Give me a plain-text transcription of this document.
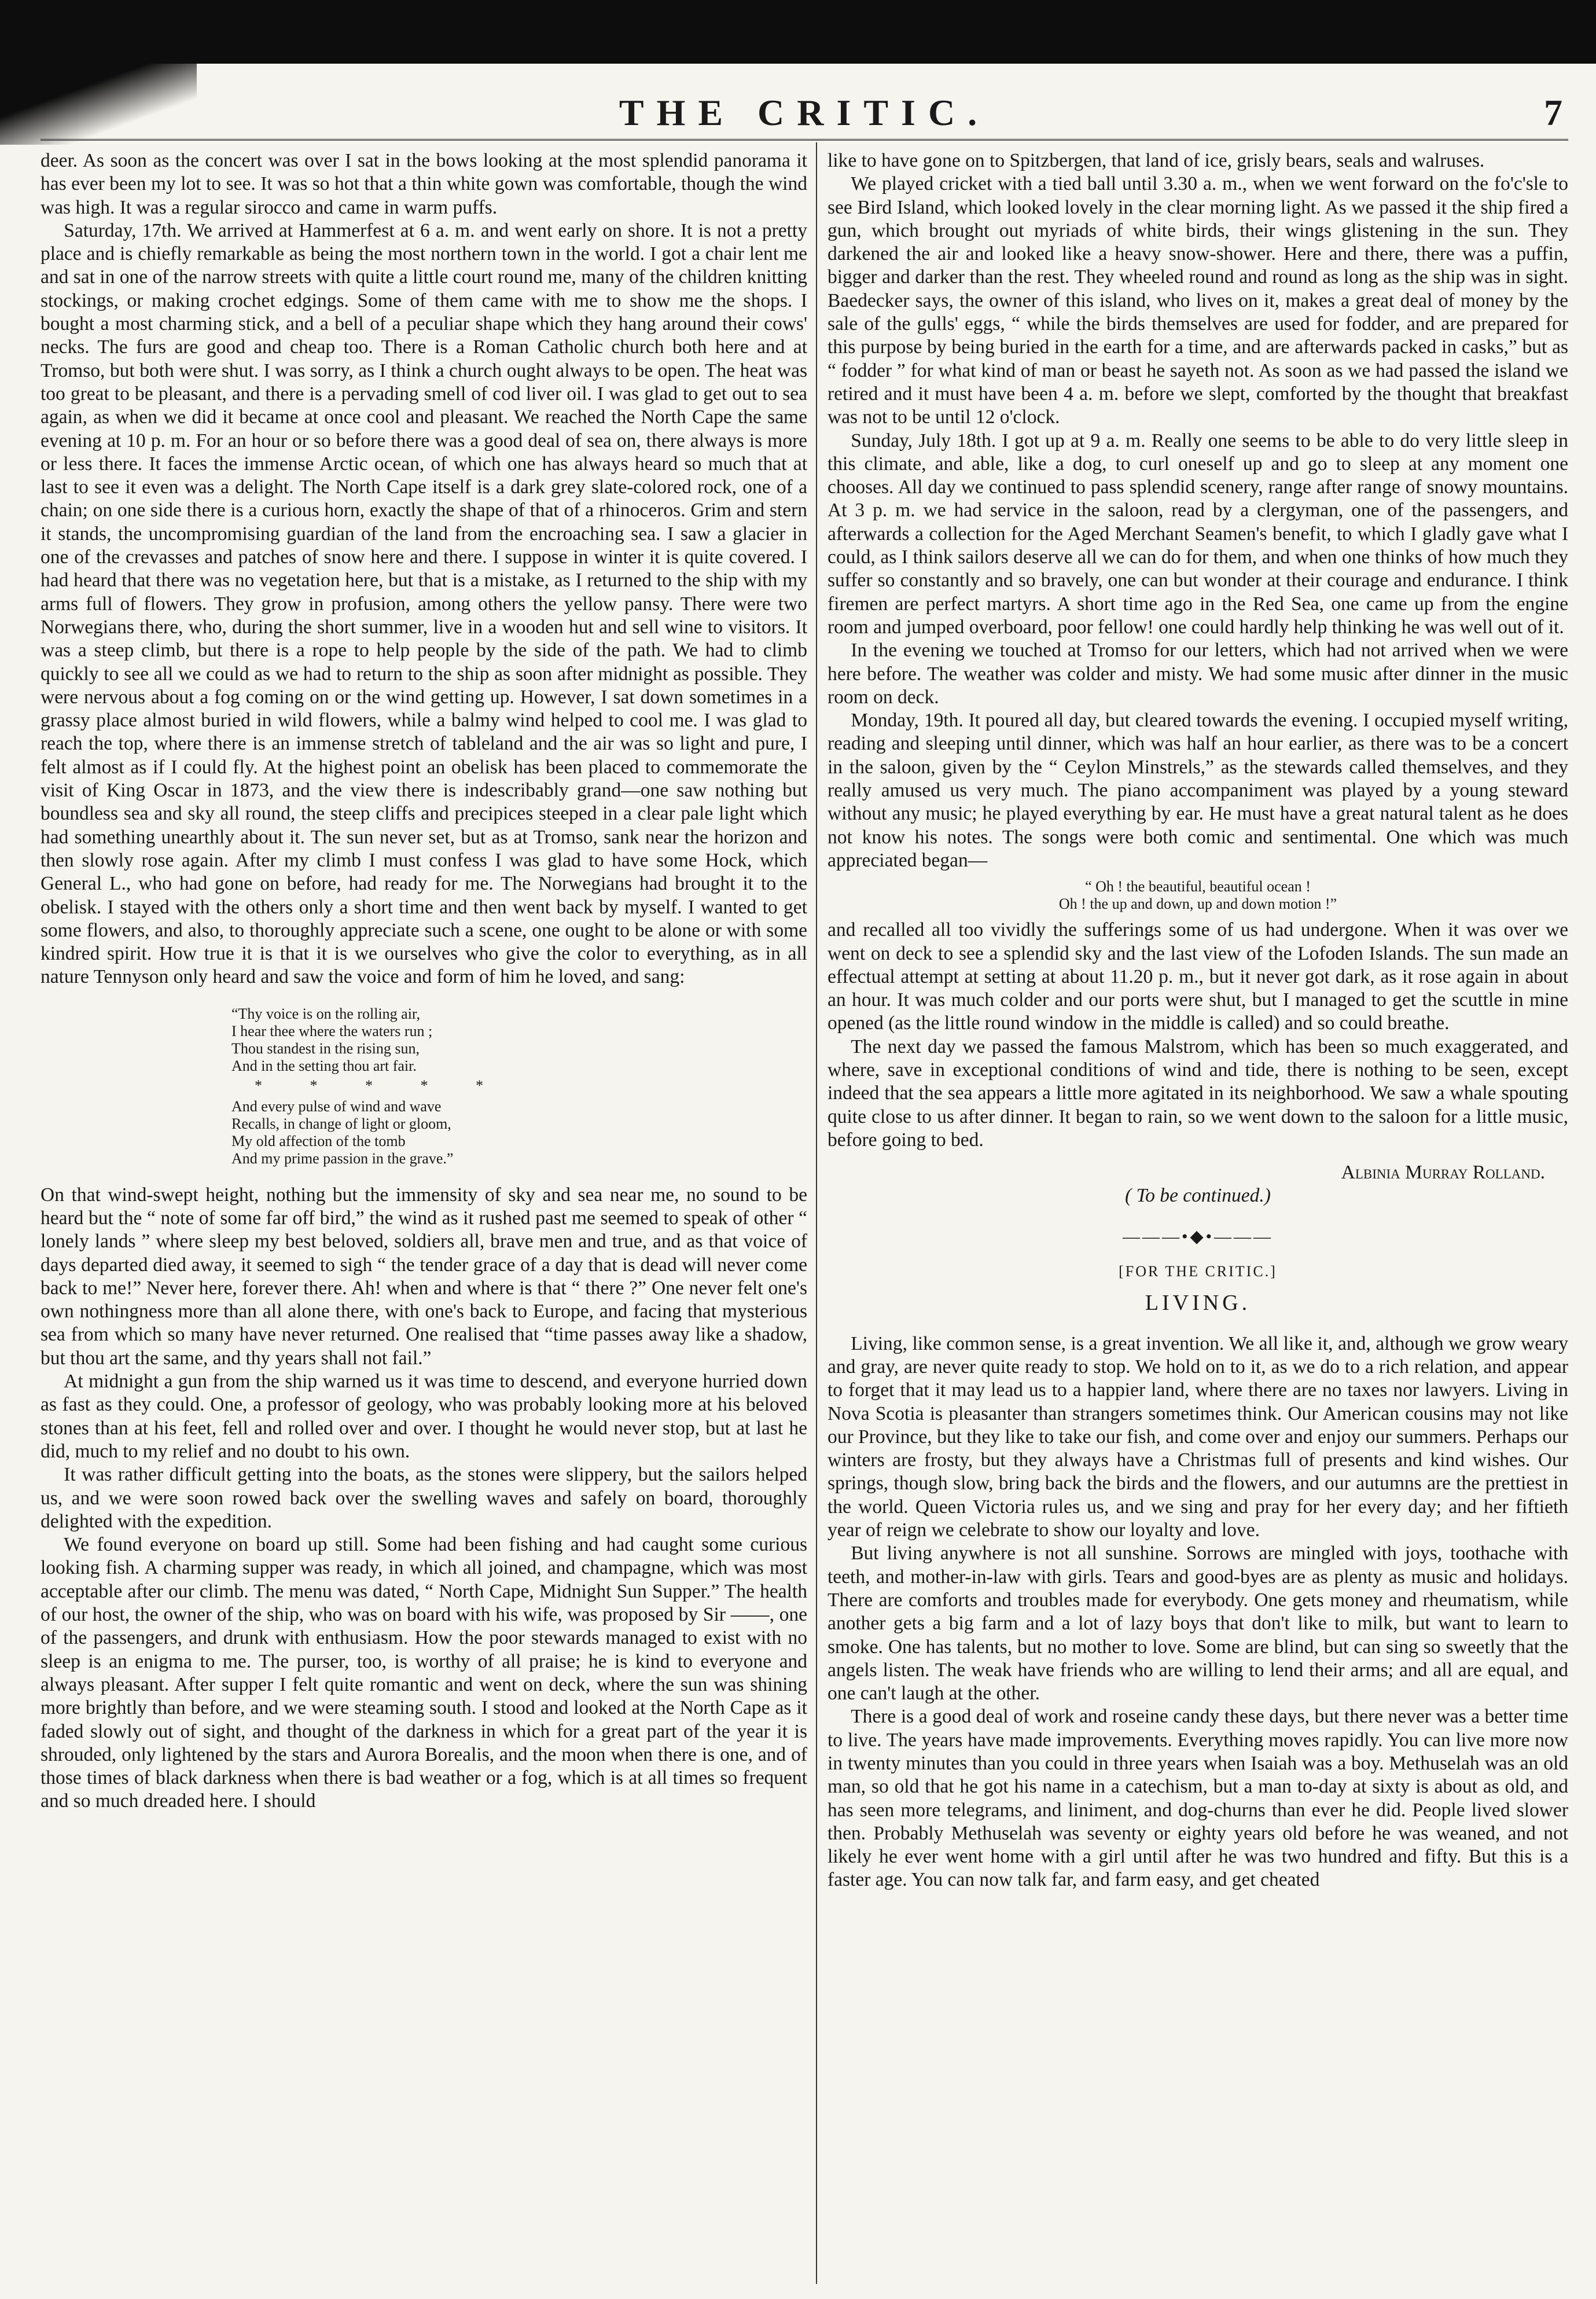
THE CRITIC.	7

deer. As soon as the concert was over I sat in the bows looking at the most splendid panorama it has ever been my lot to see. It was so hot that a thin white gown was comfortable, though the wind was high. It was a regular sirocco and came in warm puffs.

Saturday, 17th. We arrived at Hammerfest at 6 a. m. and went early on shore. It is not a pretty place and is chiefly remarkable as being the most northern town in the world. I got a chair lent me and sat in one of the narrow streets with quite a little court round me, many of the children knitting stockings, or making crochet edgings. Some of them came with me to show me the shops. I bought a most charming stick, and a bell of a peculiar shape which they hang around their cows' necks. The furs are good and cheap too. There is a Roman Catholic church both here and at Tromso, but both were shut. I was sorry, as I think a church ought always to be open. The heat was too great to be pleasant, and there is a pervading smell of cod liver oil. I was glad to get out to sea again, as when we did it became at once cool and pleasant. We reached the North Cape the same evening at 10 p. m. For an hour or so before there was a good deal of sea on, there always is more or less there. It faces the immense Arctic ocean, of which one has always heard so much that at last to see it even was a delight. The North Cape itself is a dark grey slate-colored rock, one of a chain; on one side there is a curious horn, exactly the shape of that of a rhinoceros. Grim and stern it stands, the uncompromising guardian of the land from the encroaching sea. I saw a glacier in one of the crevasses and patches of snow here and there. I suppose in winter it is quite covered. I had heard that there was no vegetation here, but that is a mistake, as I returned to the ship with my arms full of flowers. They grow in profusion, among others the yellow pansy. There were two Norwegians there, who, during the short summer, live in a wooden hut and sell wine to visitors. It was a steep climb, but there is a rope to help people by the side of the path. We had to climb quickly to see all we could as we had to return to the ship as soon after midnight as possible. They were nervous about a fog coming on or the wind getting up. However, I sat down sometimes in a grassy place almost buried in wild flowers, while a balmy wind helped to cool me. I was glad to reach the top, where there is an immense stretch of tableland and the air was so light and pure, I felt almost as if I could fly. At the highest point an obelisk has been placed to commemorate the visit of King Oscar in 1873, and the view there is indescribably grand—one saw nothing but boundless sea and sky all round, the steep cliffs and precipices steeped in a clear pale light which had something unearthly about it. The sun never set, but as at Tromso, sank near the horizon and then slowly rose again. After my climb I must confess I was glad to have some Hock, which General L., who had gone on before, had ready for me. The Norwegians had brought it to the obelisk. I stayed with the others only a short time and then went back by myself. I wanted to get some flowers, and also, to thoroughly appreciate such a scene, one ought to be alone or with some kindred spirit. How true it is that it is we ourselves who give the color to everything, as in all nature Tennyson only heard and saw the voice and form of him he loved, and sang:

“Thy voice is on the rolling air,
I hear thee where the waters run ;
Thou standest in the rising sun,
And in the setting thou art fair.
* * * * *
And every pulse of wind and wave
Recalls, in change of light or gloom,
My old affection of the tomb
And my prime passion in the grave.”

On that wind-swept height, nothing but the immensity of sky and sea near me, no sound to be heard but the “ note of some far off bird,” the wind as it rushed past me seemed to speak of other “ lonely lands ” where sleep my best beloved, soldiers all, brave men and true, and as that voice of days departed died away, it seemed to sigh “ the tender grace of a day that is dead will never come back to me!” Never here, forever there. Ah! when and where is that “ there ?” One never felt one's own nothingness more than all alone there, with one's back to Europe, and facing that mysterious sea from which so many have never returned. One realised that “time passes away like a shadow, but thou art the same, and thy years shall not fail.”

At midnight a gun from the ship warned us it was time to descend, and everyone hurried down as fast as they could. One, a professor of geology, who was probably looking more at his beloved stones than at his feet, fell and rolled over and over. I thought he would never stop, but at last he did, much to my relief and no doubt to his own.

It was rather difficult getting into the boats, as the stones were slippery, but the sailors helped us, and we were soon rowed back over the swelling waves and safely on board, thoroughly delighted with the expedition.

We found everyone on board up still. Some had been fishing and had caught some curious looking fish. A charming supper was ready, in which all joined, and champagne, which was most acceptable after our climb. The menu was dated, “ North Cape, Midnight Sun Supper.” The health of our host, the owner of the ship, who was on board with his wife, was proposed by Sir ——, one of the passengers, and drunk with enthusiasm. How the poor stewards managed to exist with no sleep is an enigma to me. The purser, too, is worthy of all praise; he is kind to everyone and always pleasant. After supper I felt quite romantic and went on deck, where the sun was shining more brightly than before, and we were steaming south. I stood and looked at the North Cape as it faded slowly out of sight, and thought of the darkness in which for a great part of the year it is shrouded, only lightened by the stars and Aurora Borealis, and the moon when there is one, and of those times of black darkness when there is bad weather or a fog, which is at all times so frequent and so much dreaded here. I should

like to have gone on to Spitzbergen, that land of ice, grisly bears, seals and walruses.

We played cricket with a tied ball until 3.30 a. m., when we went forward on the fo'c'sle to see Bird Island, which looked lovely in the clear morning light. As we passed it the ship fired a gun, which brought out myriads of white birds, their wings glistening in the sun. They darkened the air and looked like a heavy snow-shower. Here and there, there was a puffin, bigger and darker than the rest. They wheeled round and round as long as the ship was in sight. Baedecker says, the owner of this island, who lives on it, makes a great deal of money by the sale of the gulls' eggs, “ while the birds themselves are used for fodder, and are prepared for this purpose by being buried in the earth for a time, and are afterwards packed in casks,” but as “ fodder ” for what kind of man or beast he sayeth not. As soon as we had passed the island we retired and it must have been 4 a. m. before we slept, comforted by the thought that breakfast was not to be until 12 o'clock.

Sunday, July 18th. I got up at 9 a. m. Really one seems to be able to do very little sleep in this climate, and able, like a dog, to curl oneself up and go to sleep at any moment one chooses. All day we continued to pass splendid scenery, range after range of snowy mountains. At 3 p. m. we had service in the saloon, read by a clergyman, one of the passengers, and afterwards a collection for the Aged Merchant Seamen's benefit, to which I gladly gave what I could, as I think sailors deserve all we can do for them, and when one thinks of how much they suffer so constantly and so bravely, one can but wonder at their courage and endurance. I think firemen are perfect martyrs. A short time ago in the Red Sea, one came up from the engine room and jumped overboard, poor fellow! one could hardly help thinking he was well out of it.

In the evening we touched at Tromso for our letters, which had not arrived when we were here before. The weather was colder and misty. We had some music after dinner in the music room on deck.

Monday, 19th. It poured all day, but cleared towards the evening. I occupied myself writing, reading and sleeping until dinner, which was half an hour earlier, as there was to be a concert in the saloon, given by the “ Ceylon Minstrels,” as the stewards called themselves, and they really amused us very much. The piano accompaniment was played by a young steward without any music; he played everything by ear. He must have a great natural talent as he does not know his notes. The songs were both comic and sentimental. One which was much appreciated began—

“ Oh ! the beautiful, beautiful ocean !
Oh ! the up and down, up and down motion !”

and recalled all too vividly the sufferings some of us had undergone. When it was over we went on deck to see a splendid sky and the last view of the Lofoden Islands. The sun made an effectual attempt at setting at about 11.20 p. m., but it never got dark, as it rose again in about an hour. It was much colder and our ports were shut, but I managed to get the scuttle in mine opened (as the little round window in the middle is called) and so could breathe.

The next day we passed the famous Malstrom, which has been so much exaggerated, and where, save in exceptional conditions of wind and tide, there is nothing to be seen, except indeed that the sea appears a little more agitated in its neighborhood. We saw a whale spouting quite close to us after dinner. It began to rain, so we went down to the saloon for a little music, before going to bed.

Albinia Murray Rolland.
( To be continued.)
———•◆•———
[FOR THE CRITIC.]
LIVING.

Living, like common sense, is a great invention. We all like it, and, although we grow weary and gray, are never quite ready to stop. We hold on to it, as we do to a rich relation, and appear to forget that it may lead us to a happier land, where there are no taxes nor lawyers. Living in Nova Scotia is pleasanter than strangers sometimes think. Our American cousins may not like our Province, but they like to take our fish, and come over and enjoy our summers. Perhaps our winters are frosty, but they always have a Christmas full of presents and kind wishes. Our springs, though slow, bring back the birds and the flowers, and our autumns are the prettiest in the world. Queen Victoria rules us, and we sing and pray for her every day; and her fiftieth year of reign we celebrate to show our loyalty and love.

But living anywhere is not all sunshine. Sorrows are mingled with joys, toothache with teeth, and mother-in-law with girls. Tears and good-byes are as plenty as music and holidays. There are comforts and troubles made for everybody. One gets money and rheumatism, while another gets a big farm and a lot of lazy boys that don't like to milk, but want to learn to smoke. One has talents, but no mother to love. Some are blind, but can sing so sweetly that the angels listen. The weak have friends who are willing to lend their arms; and all are equal, and one can't laugh at the other.

There is a good deal of work and roseine candy these days, but there never was a better time to live. The years have made improvements. Everything moves rapidly. You can live more now in twenty minutes than you could in three years when Isaiah was a boy. Methuselah was an old man, so old that he got his name in a catechism, but a man to-day at sixty is about as old, and has seen more telegrams, and liniment, and dog-churns than ever he did. People lived slower then. Probably Methuselah was seventy or eighty years old before he was weaned, and not likely he ever went home with a girl until after he was two hundred and fifty. But this is a faster age. You can now talk far, and farm easy, and get cheated
